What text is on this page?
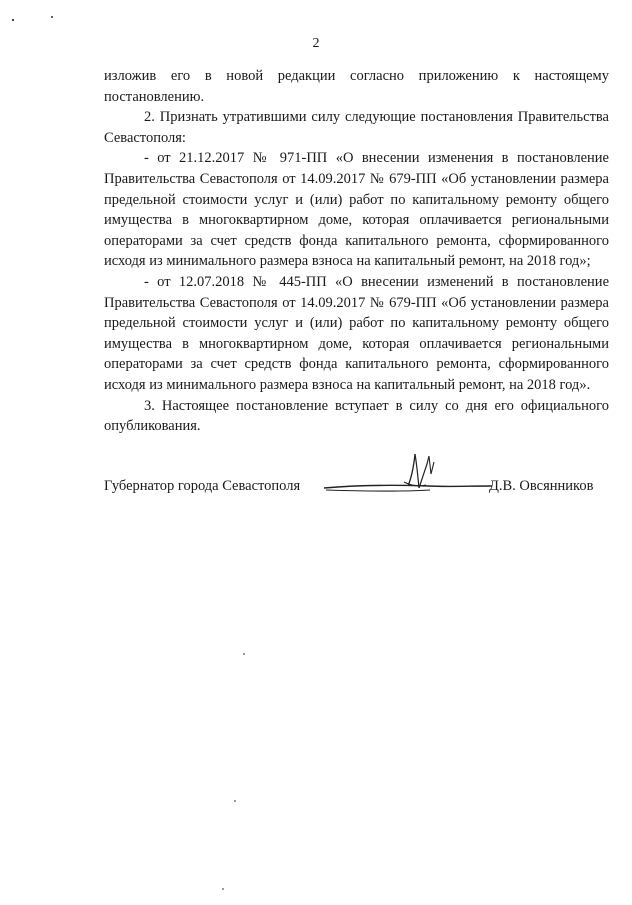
2

изложив его в новой редакции согласно приложению к настоящему постановлению.

2. Признать утратившими силу следующие постановления Правительства Севастополя:

- от 21.12.2017 № 971-ПП «О внесении изменения в постановление Правительства Севастополя от 14.09.2017 № 679-ПП «Об установлении размера предельной стоимости услуг и (или) работ по капитальному ремонту общего имущества в многоквартирном доме, которая оплачивается региональными операторами за счет средств фонда капитального ремонта, сформированного исходя из минимального размера взноса на капитальный ремонт, на 2018 год»;

- от 12.07.2018 № 445-ПП «О внесении изменений в постановление Правительства Севастополя от 14.09.2017 № 679-ПП «Об установлении размера предельной стоимости услуг и (или) работ по капитальному ремонту общего имущества в многоквартирном доме, которая оплачивается региональными операторами за счет средств фонда капитального ремонта, сформированного исходя из минимального размера взноса на капитальный ремонт, на 2018 год».

3. Настоящее постановление вступает в силу со дня его официального опубликования.

Губернатор города Севастополя	Д.В. Овсянников
